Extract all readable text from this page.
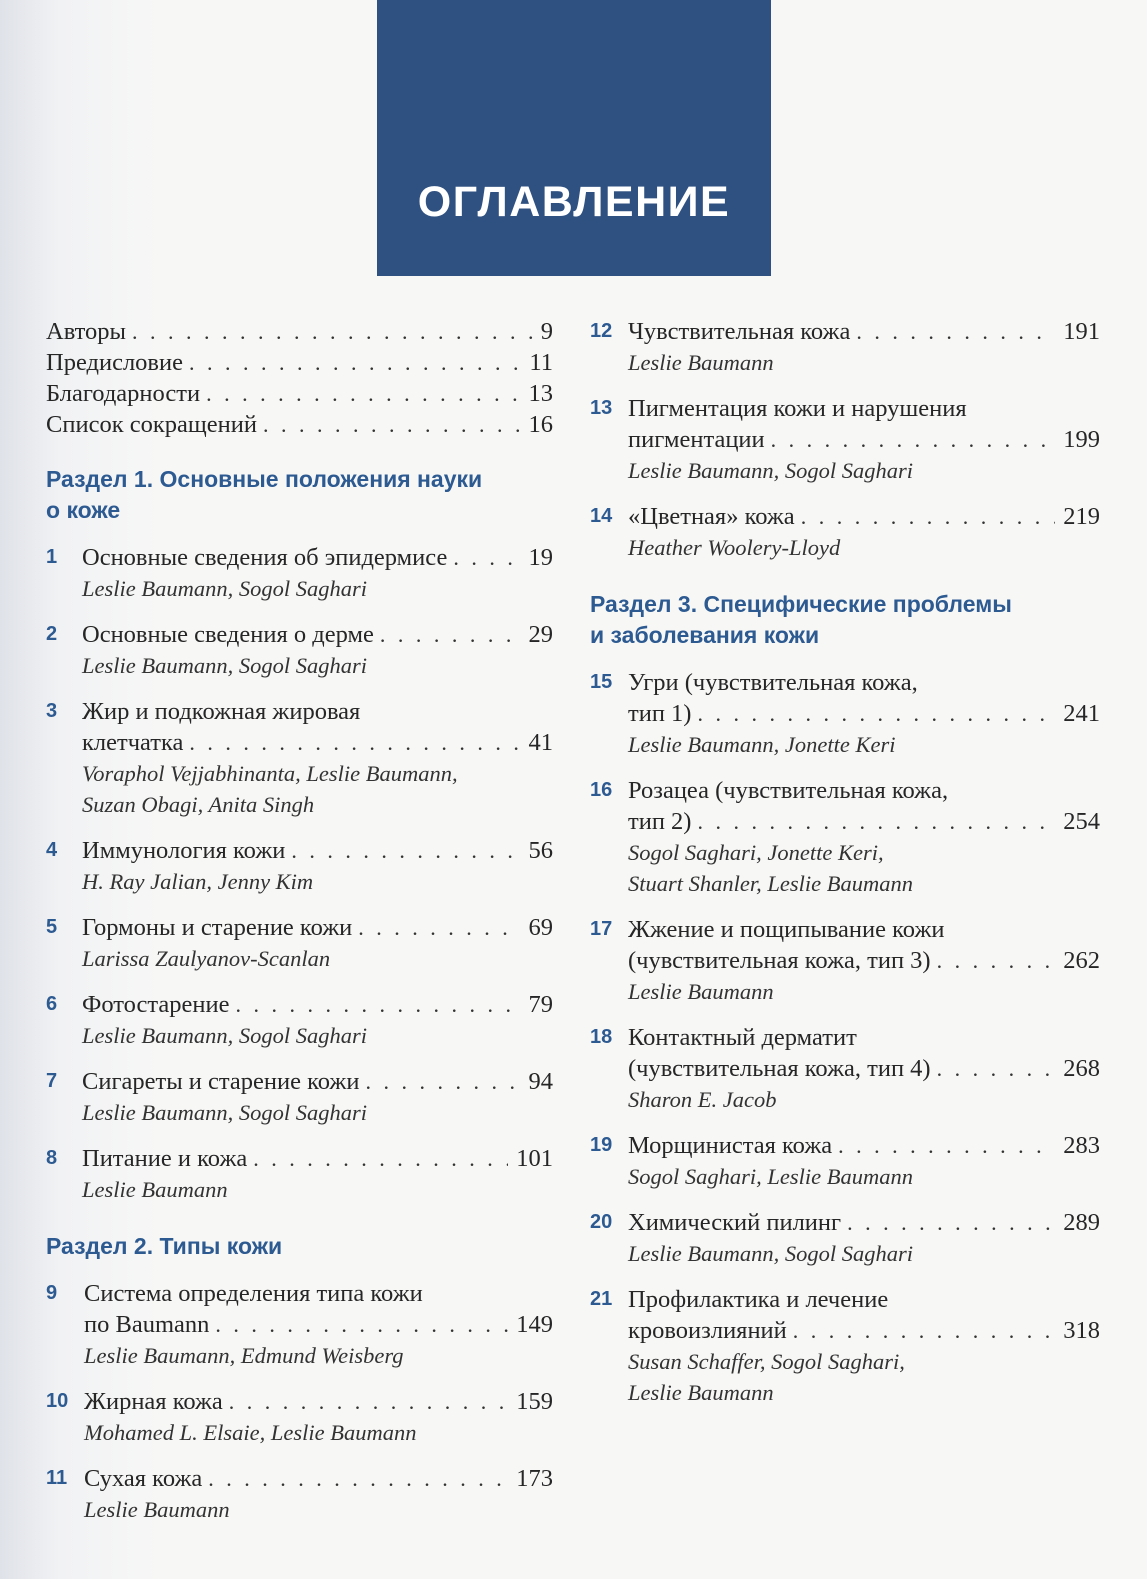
ОГЛАВЛЕНИЕ
Авторы . . .	9
Предисловие . . .	11
Благодарности . . .	13
Список сокращений . . .	16
Раздел 1. Основные положения науки
о коже
1	Основные сведения об эпидермисе . . .	19
Leslie Baumann, Sogol Saghari
2	Основные сведения о дерме . . .	29
Leslie Baumann, Sogol Saghari
3	Жир и подкожная жировая
клетчатка . . .	41
Voraphol Vejjabhinanta, Leslie Baumann,
Suzan Obagi, Anita Singh
4	Иммунология кожи . . .	56
H. Ray Jalian, Jenny Kim
5	Гормоны и старение кожи . . .	69
Larissa Zaulyanov-Scanlan
6	Фотостарение . . .	79
Leslie Baumann, Sogol Saghari
7	Сигареты и старение кожи . . .	94
Leslie Baumann, Sogol Saghari
8	Питание и кожа . . .	101
Leslie Baumann
Раздел 2. Типы кожи
9	Система определения типа кожи
по Baumann . . .	149
Leslie Baumann, Edmund Weisberg
10 Жирная кожа . . .	159
Mohamed L. Elsaie, Leslie Baumann
11 Сухая кожа . . .	173
Leslie Baumann
12 Чувствительная кожа . . .	191
Leslie Baumann
13 Пигментация кожи и нарушения
пигментации . . .	199
Leslie Baumann, Sogol Saghari
14 «Цветная» кожа . . .	219
Heather Woolery-Lloyd
Раздел 3. Специфические проблемы
и заболевания кожи
15 Угри (чувствительная кожа,
тип 1) . . .	241
Leslie Baumann, Jonette Keri
16 Розацеа (чувствительная кожа,
тип 2) . . .	254
Sogol Saghari, Jonette Keri,
Stuart Shanler, Leslie Baumann
17 Жжение и пощипывание кожи
(чувствительная кожа, тип 3) . . .	262
Leslie Baumann
18 Контактный дерматит
(чувствительная кожа, тип 4) . . .	268
Sharon E. Jacob
19 Морщинистая кожа . . .	283
Sogol Saghari, Leslie Baumann
20 Химический пилинг . . .	289
Leslie Baumann, Sogol Saghari
21 Профилактика и лечение
кровоизлияний . . .	318
Susan Schaffer, Sogol Saghari,
Leslie Baumann
